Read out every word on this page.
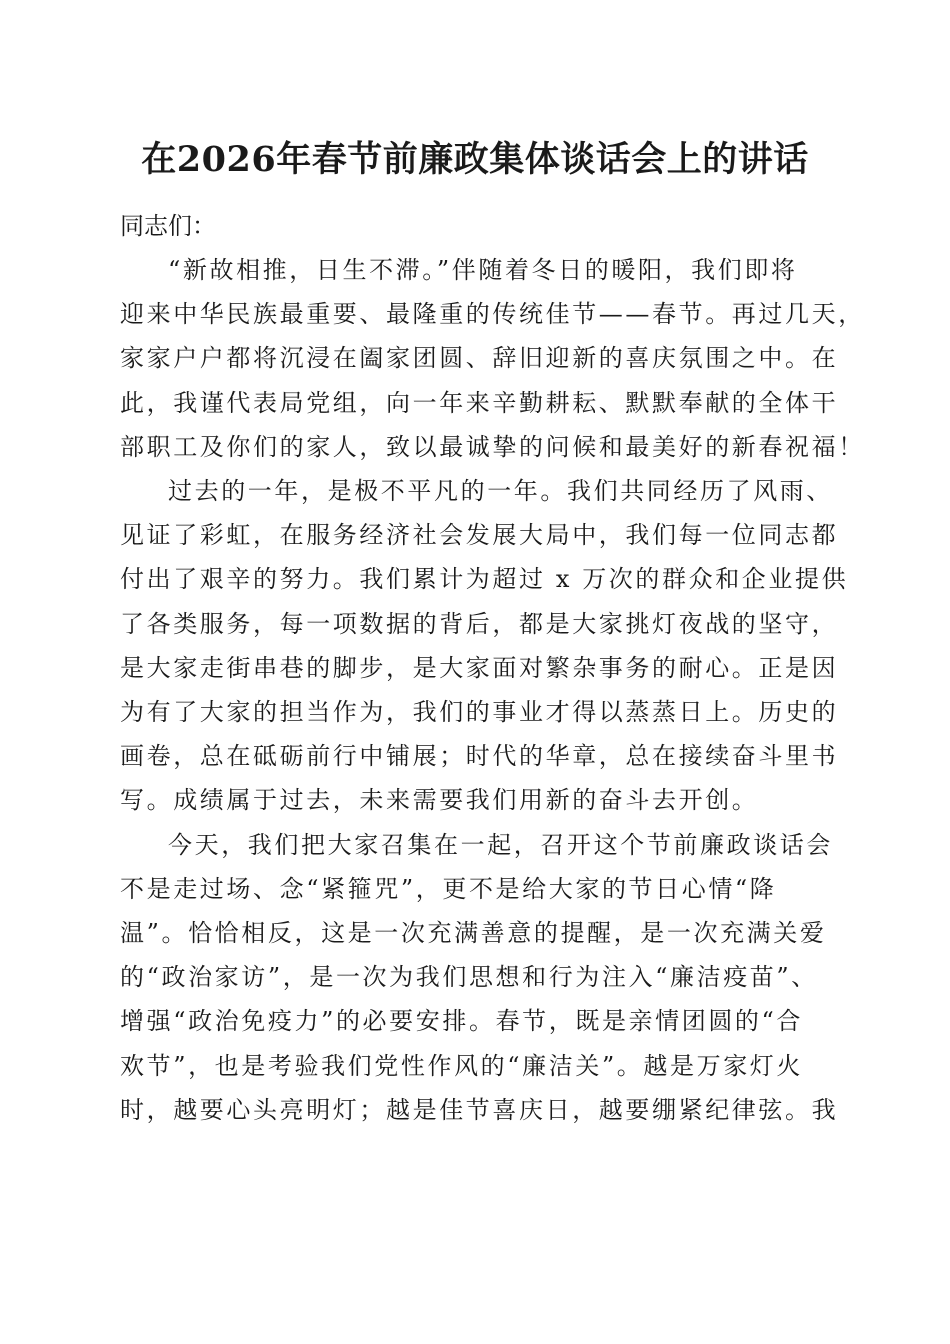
在2026年春节前廉政集体谈话会上的讲话

同志们：

“新故相推，日生不滞。”伴随着冬日的暖阳，我们即将
迎来中华民族最重要、最隆重的传统佳节——春节。再过几天，
家家户户都将沉浸在阖家团圆、辞旧迎新的喜庆氛围之中。在
此，我谨代表局党组，向一年来辛勤耕耘、默默奉献的全体干
部职工及你们的家人，致以最诚挚的问候和最美好的新春祝福！

过去的一年，是极不平凡的一年。我们共同经历了风雨、
见证了彩虹，在服务经济社会发展大局中，我们每一位同志都
付出了艰辛的努力。我们累计为超过 x 万次的群众和企业提供
了各类服务，每一项数据的背后，都是大家挑灯夜战的坚守，
是大家走街串巷的脚步，是大家面对繁杂事务的耐心。正是因
为有了大家的担当作为，我们的事业才得以蒸蒸日上。历史的
画卷，总在砥砺前行中铺展；时代的华章，总在接续奋斗里书
写。成绩属于过去，未来需要我们用新的奋斗去开创。

今天，我们把大家召集在一起，召开这个节前廉政谈话会
不是走过场、念“紧箍咒”，更不是给大家的节日心情“降
温”。恰恰相反，这是一次充满善意的提醒，是一次充满关爱
的“政治家访”，是一次为我们思想和行为注入“廉洁疫苗”、
增强“政治免疫力”的必要安排。春节，既是亲情团圆的“合
欢节”，也是考验我们党性作风的“廉洁关”。越是万家灯火
时，越要心头亮明灯；越是佳节喜庆日，越要绷紧纪律弦。我
